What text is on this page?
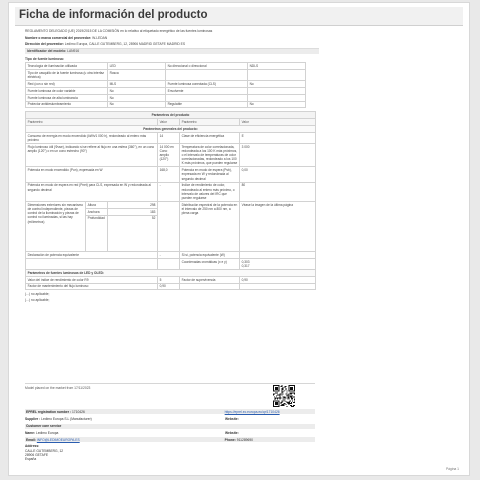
Ficha de información del producto

REGLAMENTO DELEGADO (UE) 2019/2015 DE LA COMISIÓN en lo relativo al etiquetado energético de las fuentes luminosas

Nombre o marca comercial del proveedor: W-LEDAN

Dirección del proveedor: Ledimo Europa, CALLE GUTEMBERG, 12, 28906 MADRID GETAFE MADRID ES

Identificador del modelo: LAN916

Tipo de fuente luminosa:

Tecnología de iluminación utilizada	LED	No direccional o direccional	NDLS
Tipo de casquillo de la fuente luminosa (u otra interfaz eléctrica)	Rosca		
Red (con o sin red)	MLS	Fuente luminosa conectada (CLS)	No
Fuente luminosa de color variable	No	Envolvente	
Fuente luminosa de alta luminancia	No		
Protector antideslumbramiento	No	Regulable	No
Parámetros del producto					
Parámetro			Valor	Parámetro	Valor
Parámetros generales del producto:					
Consumo de energía en modo encendido (kWh/1 000 h), redondeado al entero más próximo			14	Clase de eficiencia energética	E
Flujo luminoso útil (Φuse), indicando si se refiere al flujo en una esfera (360°), en un cono amplio (120°) o en un cono estrecho (90°)			14 000 en Cono amplio (120°)	Temperatura de color correlacionada, redondeada a los 100 K más próximos, o el intervalo de temperaturas de color correlacionadas, redondeado a los 100 K más próximos, que pueden regularse	3 000
Potencia en modo encendido (Pon), expresada en W			168,0	Potencia en modo de espera (Psb), expresada en W y redondeada al segundo decimal	0,00
Potencia en modo de espera en red (Pnet) para CLS, expresada en W y redondeada al segundo decimal			-	Índice de rendimiento de color, redondeado al entero más próximo, o intervalo de valores del IRC que pueden regularse	80
Dimensiones exteriores sin mecanismo de control independiente, piezas de control de la iluminación y piezas de control no iluminadas, si las hay (milímetros)	Altura	298		Distribución espectral de la potencia en el intervalo de 250 nm a 800 nm, a plena carga	Véase la imagen de la última página
	Anchura	183			
	Profundidad	52			
Declaración de potencia equivalente			-	Si sí, potencia equivalente (W)	
				Coordenadas cromáticas (x e y)	0,303
0,317
Parámetros de fuentes luminosas de LED y OLED:					
Valor del índice de rendimiento de color R9			5	Factor de supervivencia	0,90
Factor de mantenimiento del flujo luminoso			0,90		

(...) no aplicable;

(...) no aplicable;

Model placed on the market from 17/11/2023
EPREL registration number : 1710426	https://eprel.ec.europa.eu/qr/1710426
Supplier : Ledimo Europa S.L (Manufacturer)	Website:
Customer care service
Name: Ledimo Europa	Website:
Email: INFO@LEDIMOEUROPA.ES	Phone: 911289690
Address:
CALLE GUTEMBERG, 12
28906 GETAFE
España
Página 1
